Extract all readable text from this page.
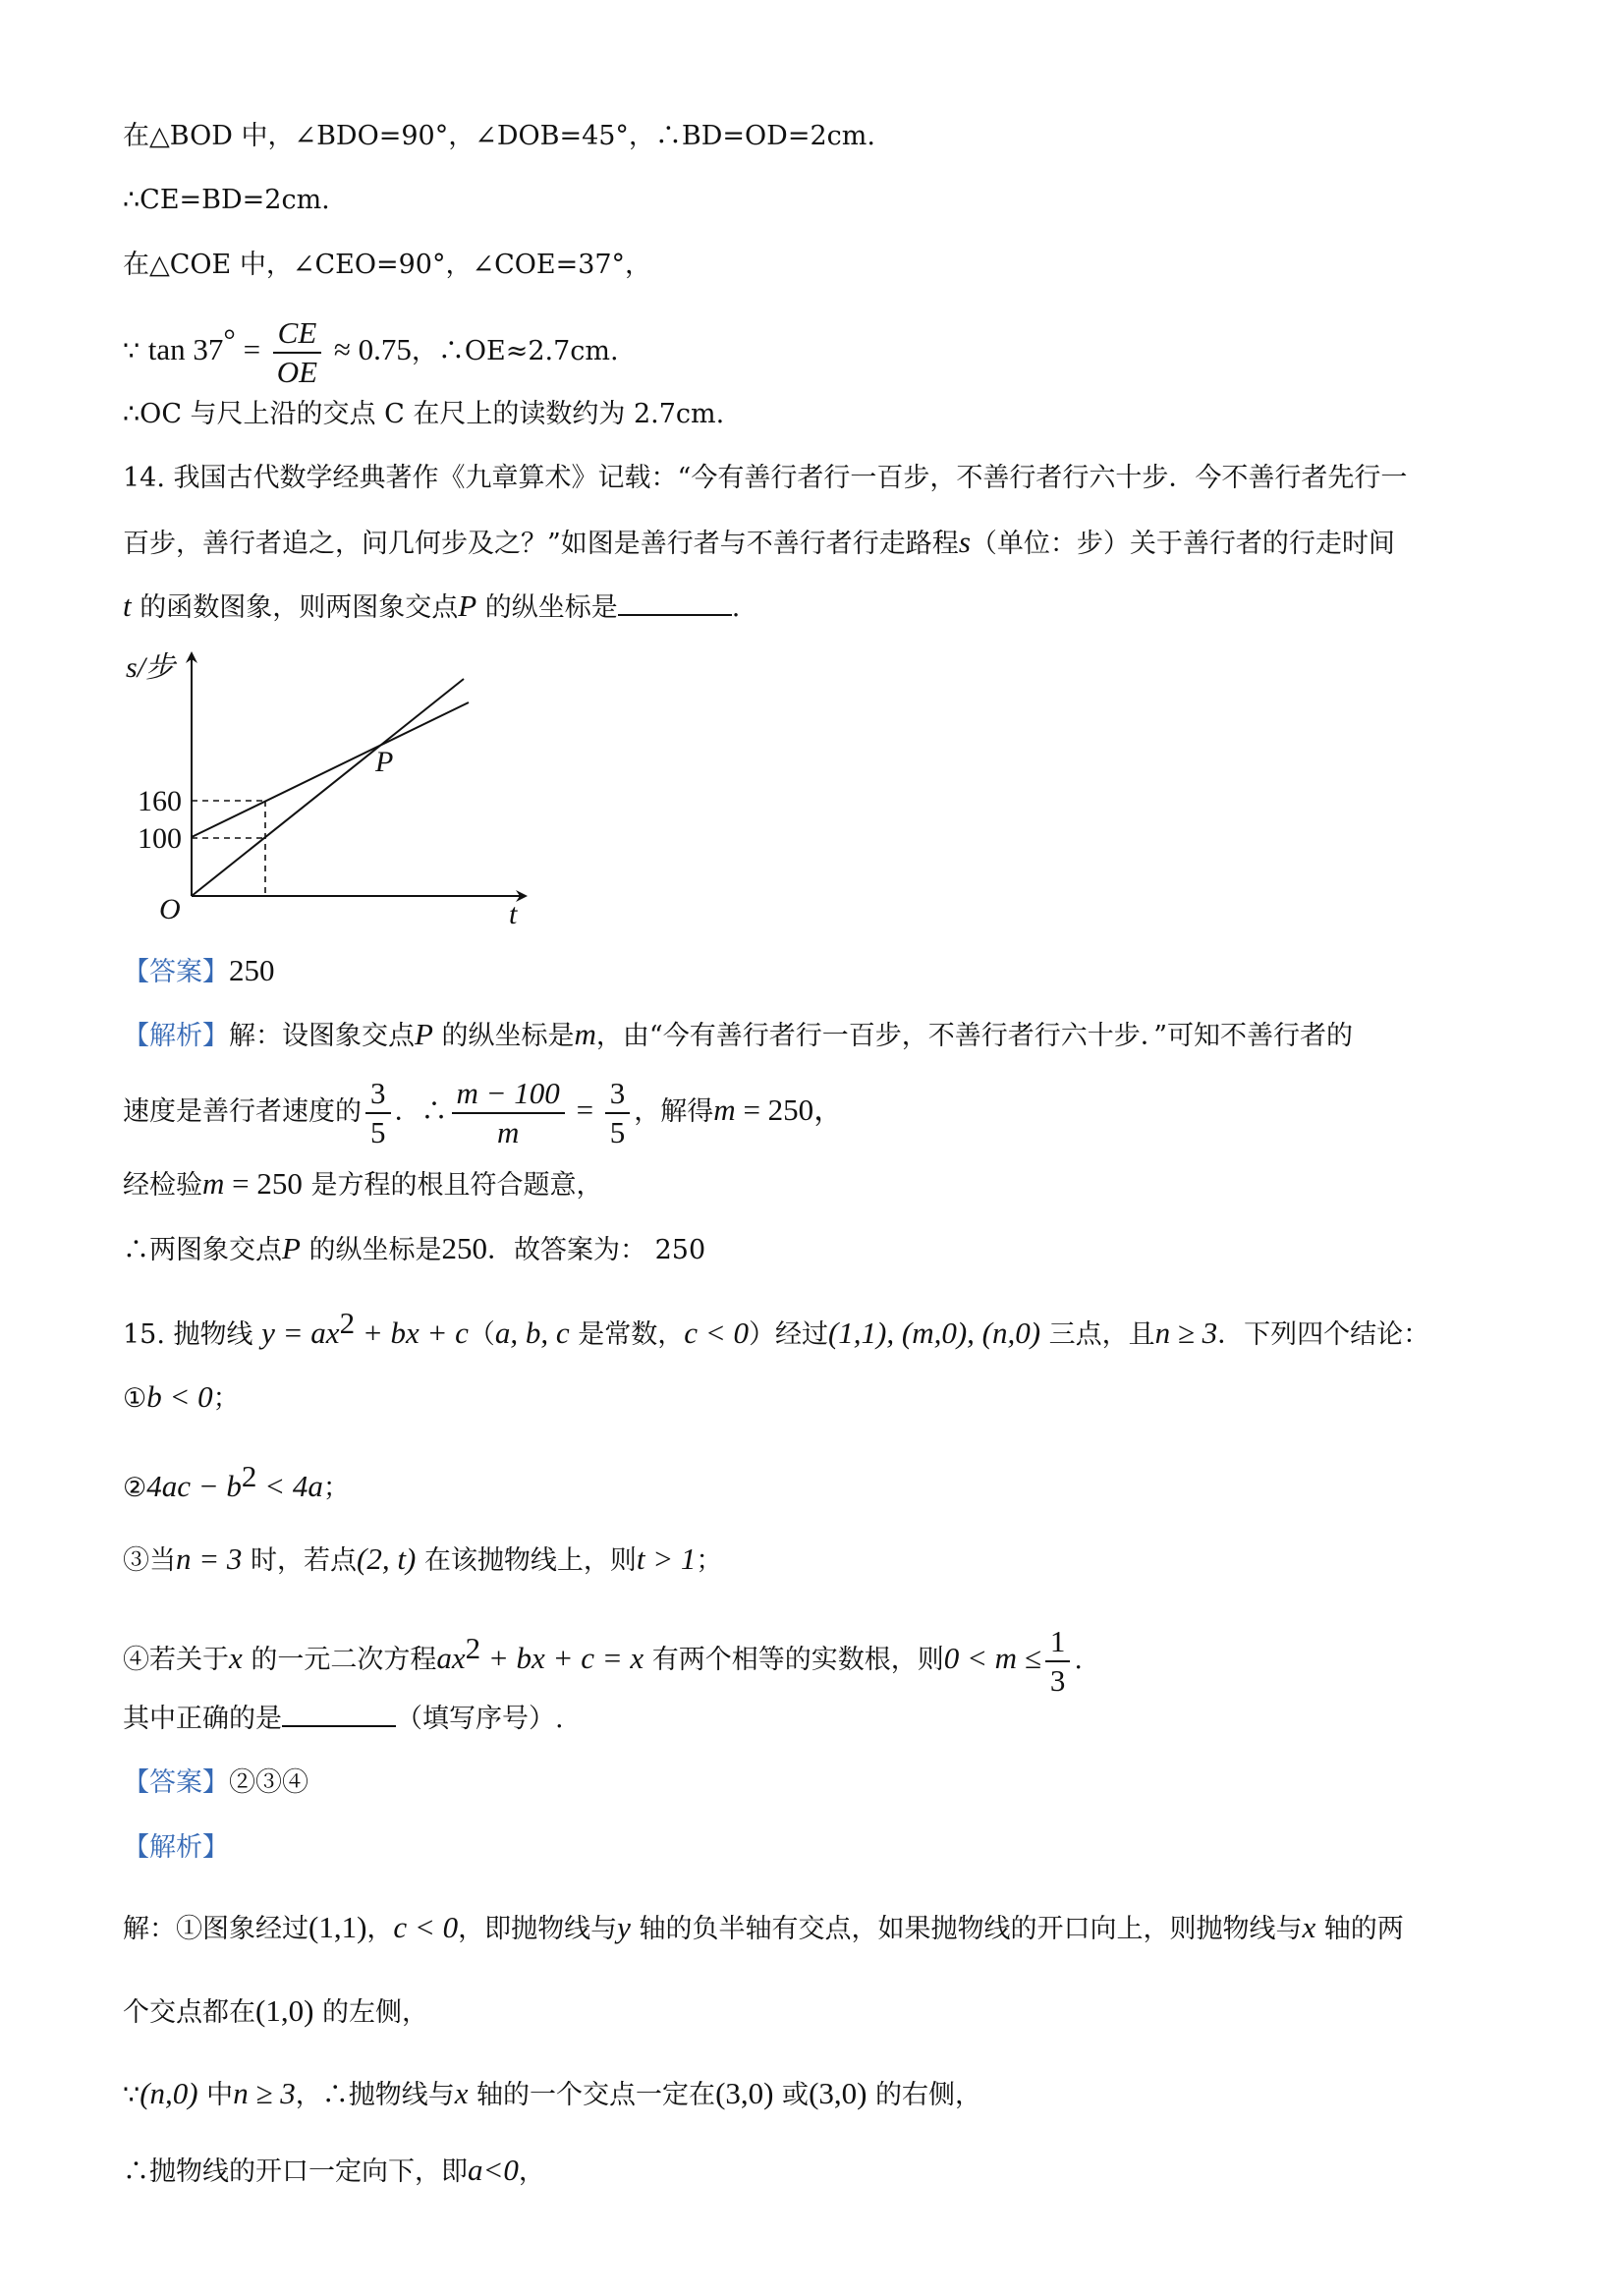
在△BOD 中，∠BDO=90°，∠DOB=45°，∴BD=OD=2cm.
∴CE=BD=2cm.
在△COE 中，∠CEO=90°，∠COE=37°，
∵ $\tan 37^\circ = \frac{CE}{OE} \approx 0.75$，∴OE≈2.7cm.
∴OC 与尺上沿的交点 C 在尺上的读数约为 2.7cm.
14. 我国古代数学经典著作《九章算术》记载：“今有善行者行一百步，不善行者行六十步．今不善行者先行一
百步，善行者追之，问几何步及之？”如图是善行者与不善行者行走路程s（单位：步）关于善行者的行走时间
t 的函数图象，则两图象交点P 的纵坐标是	.
s/步
160
100
O	t
P
【答案】250
【解析】解：设图象交点P 的纵坐标是m，由“今有善行者行一百步，不善行者行六十步．”可知不善行者的
速度是善行者速度的 $\frac{3}{5}$ ．∴ $\frac{m - 100}{m} = \frac{3}{5}$ ，解得m = 250，
经检验m = 250 是方程的根且符合题意，
∴两图象交点P 的纵坐标是250．故答案为： 250
15. 抛物线 $y = ax^2$ + bx + c（a, b, c 是常数，c < 0）经过(1,1), (m,0), (n,0) 三点，且n ≥ 3．下列四个结论：
①b < 0；
②4ac − $b^2 < 4a$；
③当n = 3 时，若点(2, t) 在该抛物线上，则t > 1；
④若关于x 的一元二次方程$ax^2$ + bx + c = x 有两个相等的实数根，则$0 < m \le \frac{1}{3}$ .
其中正确的是	（填写序号）.
【答案】②③④
【解析】
解：①图象经过(1,1)，c < 0，即抛物线与y 轴的负半轴有交点，如果抛物线的开口向上，则抛物线与x 轴的两
个交点都在(1,0) 的左侧，
∵(n,0) 中n ≥ 3，∴抛物线与x 轴的一个交点一定在(3,0) 或(3,0) 的右侧，
∴抛物线的开口一定向下，即a<0，
